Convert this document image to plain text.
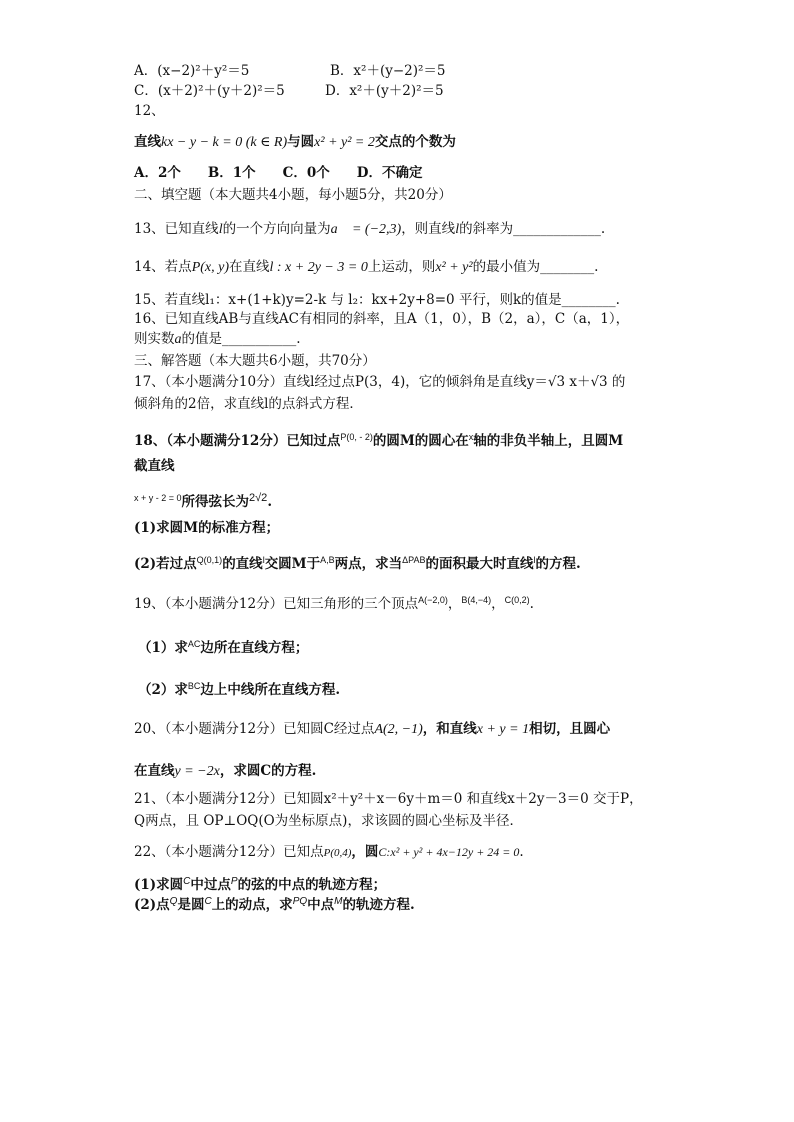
A．(x−2)²＋y²＝5	B．x²＋(y−2)²＝5
C．(x＋2)²＋(y＋2)²＝5	D．x²＋(y＋2)²＝5
12、
直线kx − y − k = 0 (k ∈ R)与圆x² + y² = 2交点的个数为
A．2个　　B．1个　　C．0个　　D．不确定
二、填空题（本大题共4小题，每小题5分，共20分）
13、已知直线l的一个方向向量为a⃗ = (−2,3)，则直线l的斜率为_____________.
14、若点P(x, y)在直线l : x + 2y − 3 = 0上运动，则x² + y²的最小值为________.
15、若直线l₁：x+(1+k)y=2-k 与 l₂：kx+2y+8=0 平行，则k的值是________.
16、已知直线AB与直线AC有相同的斜率，且A（1，0），B（2，a），C（a，1），
则实数a的值是___________.
三、解答题（本大题共6小题，共70分）
17、（本小题满分10分）直线l经过点P(3，4)，它的倾斜角是直线y＝√3 x＋√3 的
倾斜角的2倍，求直线l的点斜式方程．
18、（本小题满分12分）已知过点$^{P(0, - 2)}$的圆M的圆心在$^x$轴的非负半轴上，且圆M
截直线
$^{x + y - 2 = 0}$所得弦长为$^{2√2}$.
(1)求圆M的标准方程；
(2)若过点$^{Q(0,1)}$的直线$^l$交圆M于$^{A,B}$两点，求当$^{\Delta PAB}$的面积最大时直线$^l$的方程.
19、（本小题满分12分）已知三角形的三个顶点$^{A(-2,0)}$，$^{B(4,-4)}$，$^{C(0,2)}$.
（1）求$^{AC}$边所在直线方程；
（2）求$^{BC}$边上中线所在直线方程.
20、（本小题满分12分）已知圆C经过点A(2, −1)，和直线x + y = 1相切，且圆心
在直线y = −2x，求圆C的方程.
21、（本小题满分12分）已知圆x²＋y²＋x－6y＋m＝0 和直线x＋2y－3＝0 交于P，
Q两点，且 OP⊥OQ(O为坐标原点)，求该圆的圆心坐标及半径．
22、（本小题满分12分）已知点P(0,4)，圆C:x² + y² + 4x−12y + 24 = 0.
(1)求圆$^C$中过点$^P$的弦的中点的轨迹方程；
(2)点$^Q$是圆$^C$上的动点，求$^{PQ}$中点$^M$的轨迹方程.
